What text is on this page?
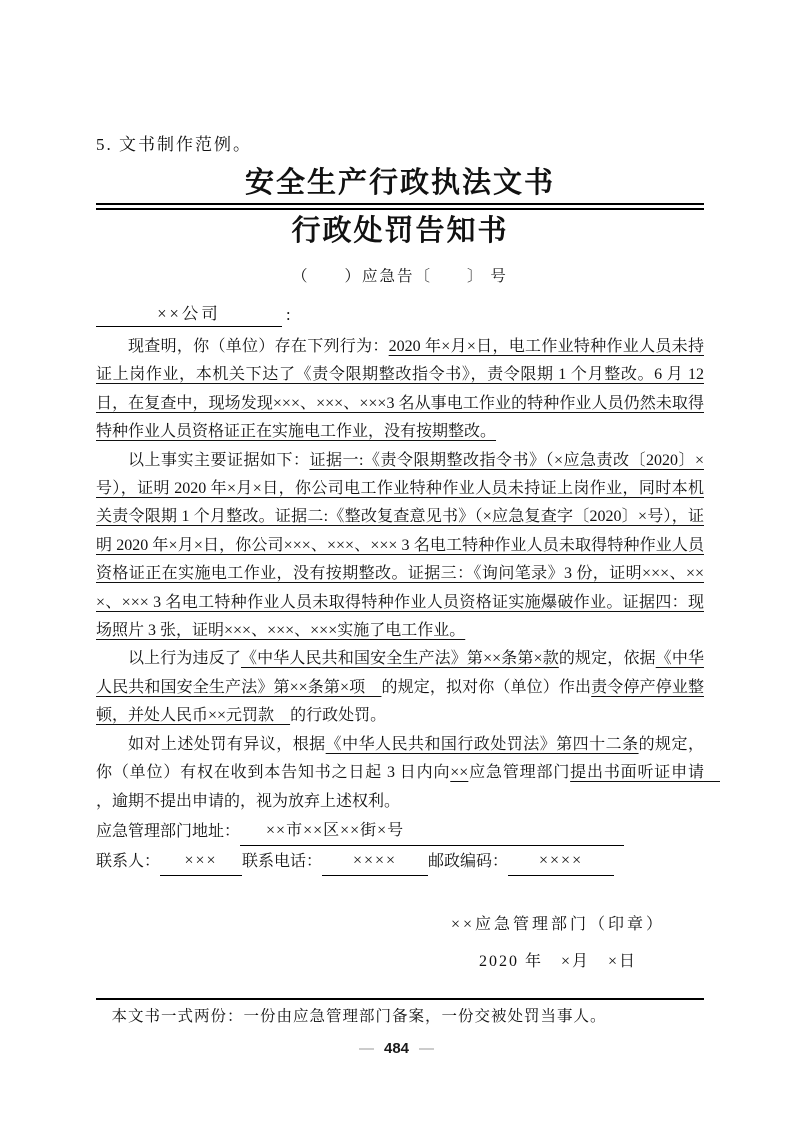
5. 文书制作范例。
安全生产行政执法文书
行政处罚告知书
（　　）应急告〔　　〕 号
××公司	:

现查明，你（单位）存在下列行为：2020 年×月×日，电工作业特种作业人员未持证上岗作业，本机关下达了《责令限期整改指令书》，责令限期 1 个月整改。6 月 12 日，在复查中，现场发现×××、×××、×××3 名从事电工作业的特种作业人员仍然未取得特种作业人员资格证正在实施电工作业，没有按期整改。

以上事实主要证据如下：证据一:《责令限期整改指令书》（×应急责改〔2020〕×号），证明 2020 年×月×日，你公司电工作业特种作业人员未持证上岗作业，同时本机关责令限期 1 个月整改。证据二:《整改复查意见书》（×应急复查字〔2020〕×号），证明 2020 年×月×日，你公司×××、×××、××× 3 名电工特种作业人员未取得特种作业人员资格证正在实施电工作业，没有按期整改。证据三：《询问笔录》3 份，证明×××、×××、××× 3 名电工特种作业人员未取得特种作业人员资格证实施爆破作业。证据四：现场照片 3 张，证明×××、×××、×××实施了电工作业。

以上行为违反了《中华人民共和国安全生产法》第××条第×款的规定，依据《中华人民共和国安全生产法》第××条第×项　的规定，拟对你（单位）作出责令停产停业整顿，并处人民币××元罚款　的行政处罚。

如对上述处罚有异议，根据《中华人民共和国行政处罚法》第四十二条的规定，你（单位）有权在收到本告知书之日起 3 日内向××应急管理部门提出书面听证申请　，逾期不提出申请的，视为放弃上述权利。

应急管理部门地址： ××市××区××街×号

联系人： ××× 联系电话： ×××× 邮政编码： ××××

××应急管理部门（印章）
2020 年　×月　×日
本文书一式两份：一份由应急管理部门备案，一份交被处罚当事人。
— 484 —
